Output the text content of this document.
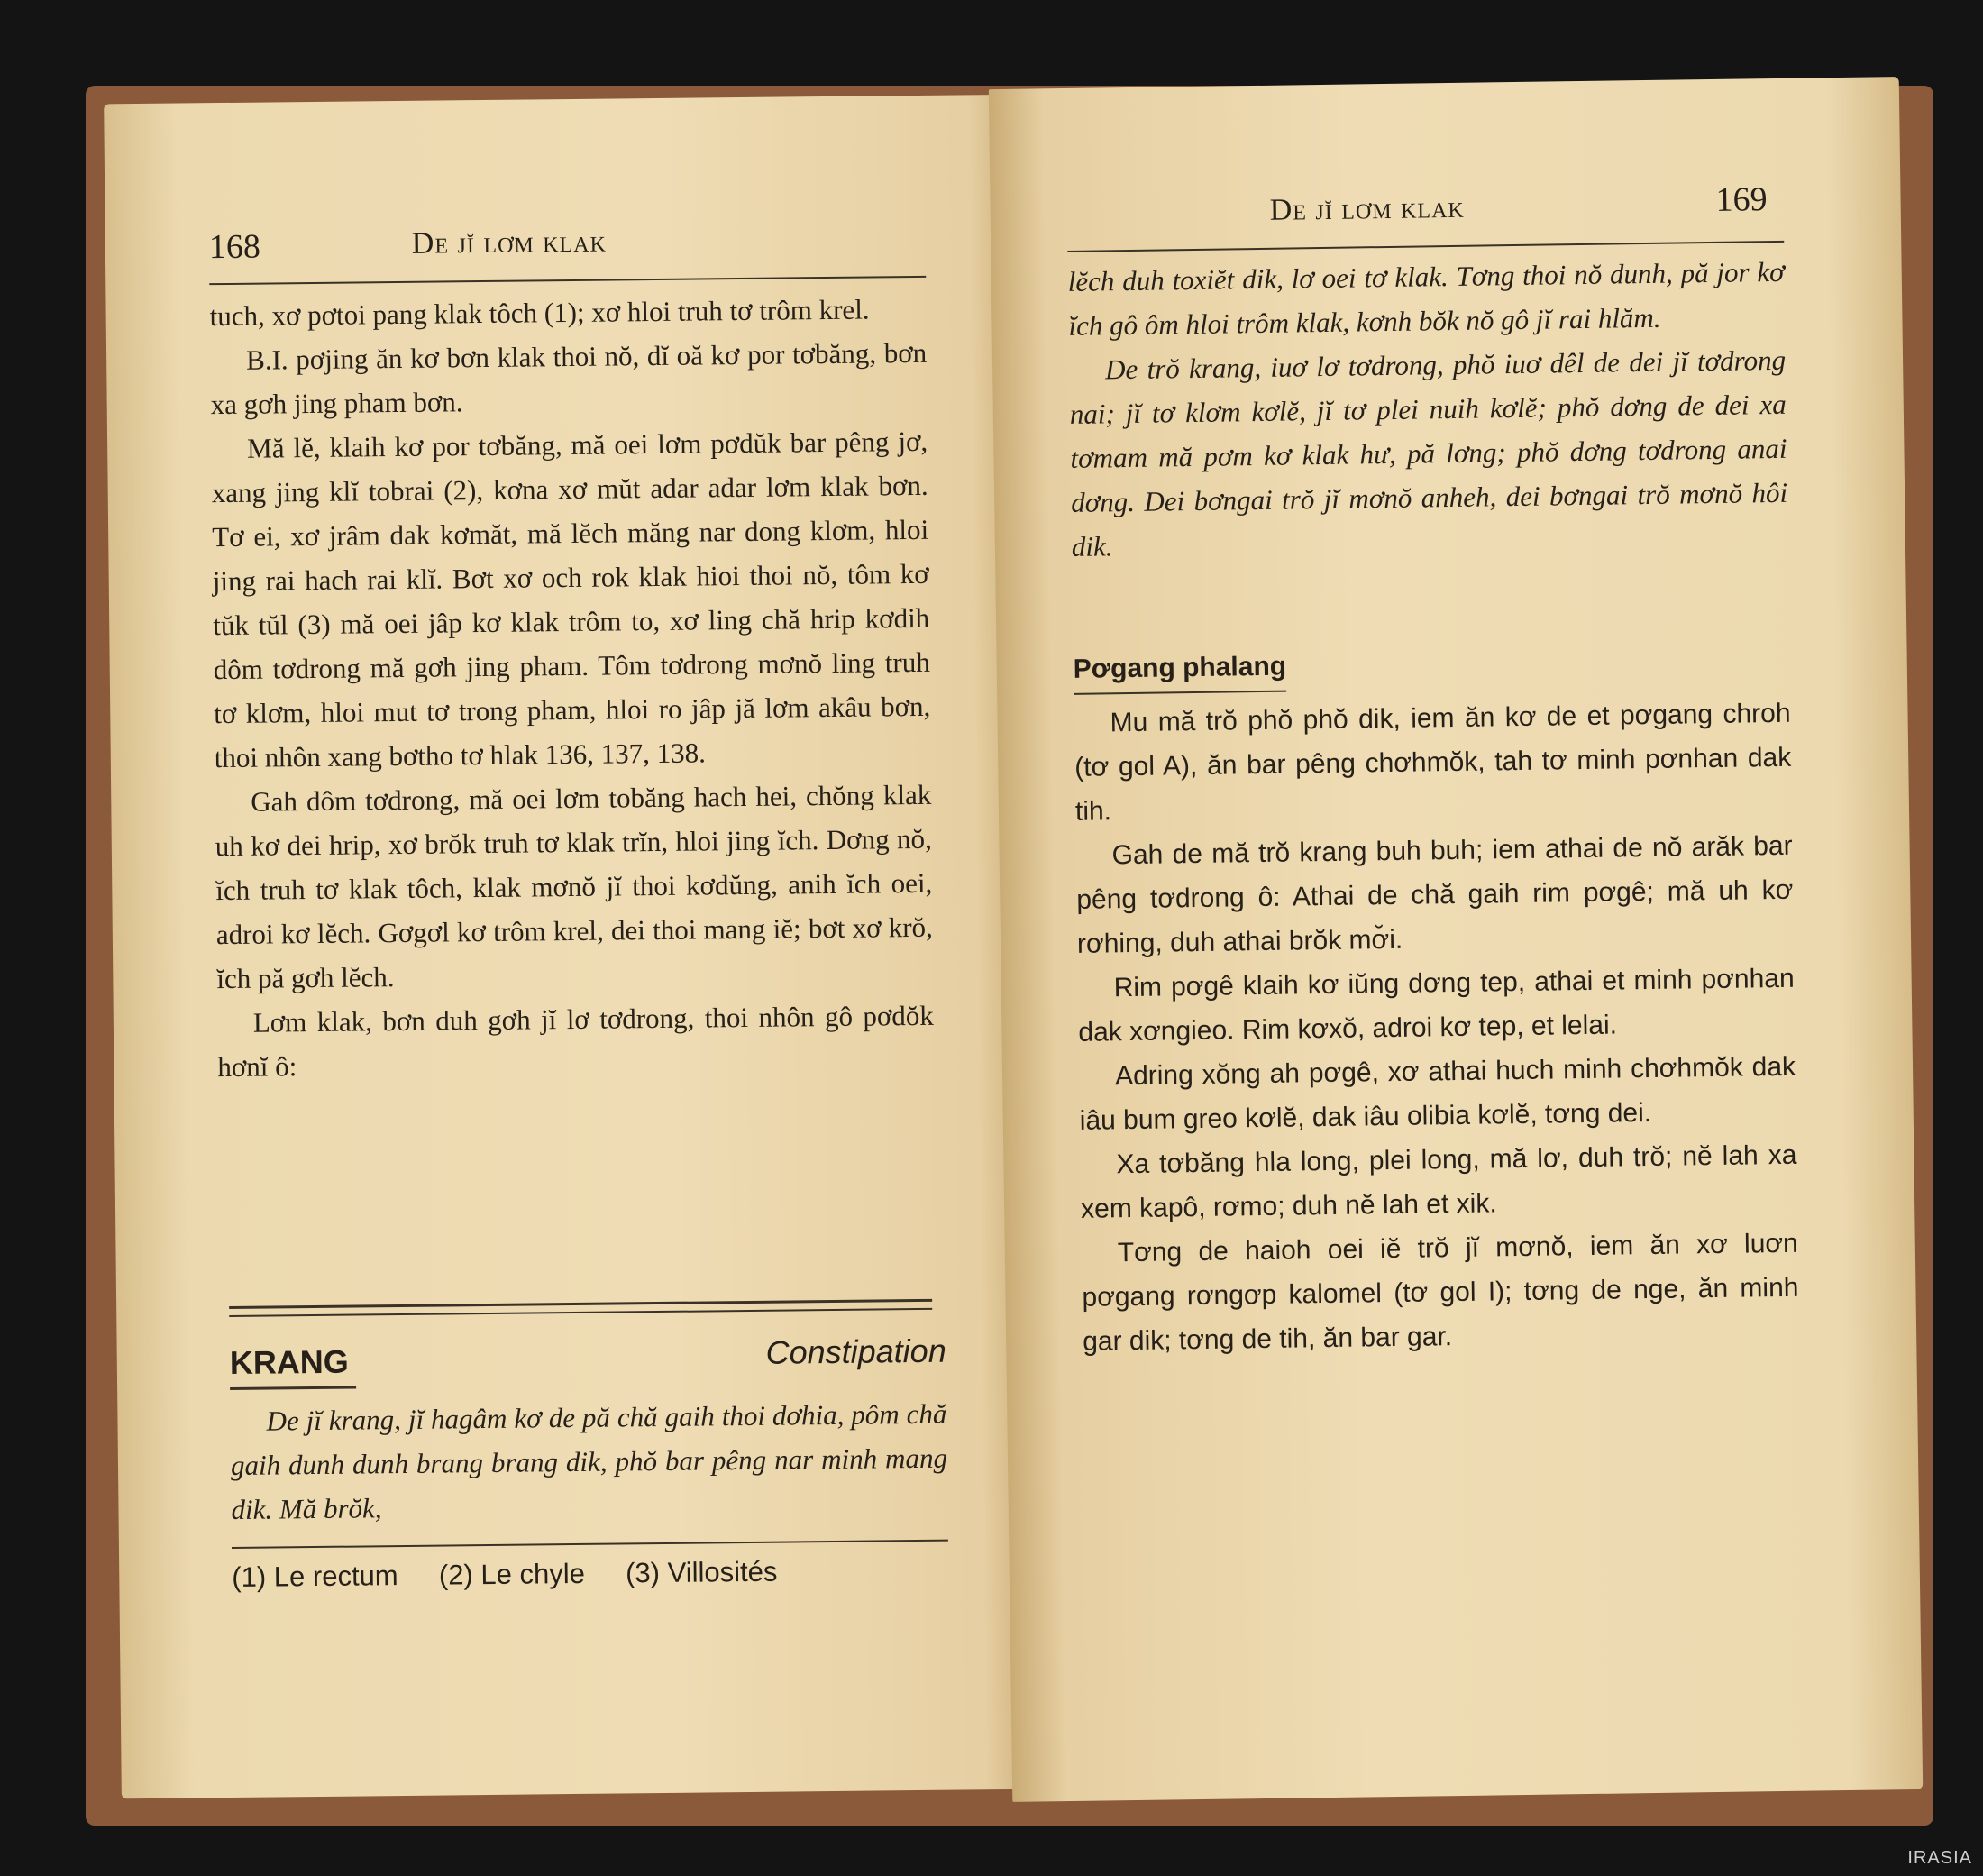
168	De jĭ lơm klak

tuch, xơ pơtoi pang klak tôch (1); xơ hloi truh tơ trôm krel.

B.I. pơjing ăn kơ bơn klak thoi nŏ, dĭ oă kơ por tơbăng, bơn xa gơh jing pham bơn.

Mă lĕ, klaih kơ por tơbăng, mă oei lơm pơdŭk bar pêng jơ, xang jing klĭ tobrai (2), kơna xơ mŭt adar adar lơm klak bơn. Tơ ei, xơ jrâm dak kơmăt, mă lĕch măng nar dong klơm, hloi jing rai hach rai klĭ. Bơt xơ och rok klak hioi thoi nŏ, tôm kơ tŭk tŭl (3) mă oei jâp kơ klak trôm to, xơ ling chă hrip kơdih dôm tơdrong mă gơh jing pham. Tôm tơdrong mơnŏ ling truh tơ klơm, hloi mut tơ trong pham, hloi ro jâp jă lơm akâu bơn, thoi nhôn xang bơtho tơ hlak 136, 137, 138.

Gah dôm tơdrong, mă oei lơm tobăng hach hei, chŏng klak uh kơ dei hrip, xơ brŏk truh tơ klak trĭn, hloi jing ĭch. Dơng nŏ, ĭch truh tơ klak tôch, klak mơnŏ jĭ thoi kơdŭng, anih ĭch oei, adroi kơ lĕch. Gơgơl kơ trôm krel, dei thoi mang iĕ; bơt xơ krŏ, ĭch pă gơh lĕch.

Lơm klak, bơn duh gơh jĭ lơ tơdrong, thoi nhôn gô pơdŏk hơnĭ ô:

KRANG	Constipation

De jĭ krang, jĭ hagâm kơ de pă chă gaih thoi dơhia, pôm chă gaih dunh dunh brang brang dik, phŏ bar pêng nar minh mang dik. Mă brŏk,

(1) Le rectum (2) Le chyle (3) Villosités
De jĭ lơm klak	169

lĕch duh toxiĕt dik, lơ oei tơ klak. Tơng thoi nŏ dunh, pă jor kơ ĭch gô ôm hloi trôm klak, kơnh bŏk nŏ gô jĭ rai hlăm.

De trŏ krang, iuơ lơ tơdrong, phŏ iuơ dêl de dei jĭ tơdrong nai; jĭ tơ klơm kơlĕ, jĭ tơ plei nuih kơlĕ; phŏ dơng de dei xa tơmam mă pơm kơ klak hư, pă lơng; phŏ dơng tơdrong anai dơng. Dei bơngai trŏ jĭ mơnŏ anheh, dei bơngai trŏ mơnŏ hôi dik.

Pơgang phalang

Mu mă trŏ phŏ phŏ dik, iem ăn kơ de et pơgang chroh (tơ gol A), ăn bar pêng chơhmŏk, tah tơ minh pơnhan dak tih.

Gah de mă trŏ krang buh buh; iem athai de nŏ arăk bar pêng tơdrong ô: Athai de chă gaih rim pơgê; mă uh kơ rơhing, duh athai brŏk mơ̆i.

Rim pơgê klaih kơ iŭng dơng tep, athai et minh pơnhan dak xơngieo. Rim kơxŏ, adroi kơ tep, et lelai.

Adring xŏng ah pơgê, xơ athai huch minh chơhmŏk dak iâu bum greo kơlĕ, dak iâu olibia kơlĕ, tơng dei.

Xa tơbăng hla long, plei long, mă lơ, duh trŏ; nĕ lah xa xem kapô, rơmo; duh nĕ lah et xik.

Tơng de haioh oei iĕ trŏ jĭ mơnŏ, iem ăn xơ luơn pơgang rơngơp kalomel (tơ gol I); tơng de nge, ăn minh gar dik; tơng de tih, ăn bar gar.

IRASIA
